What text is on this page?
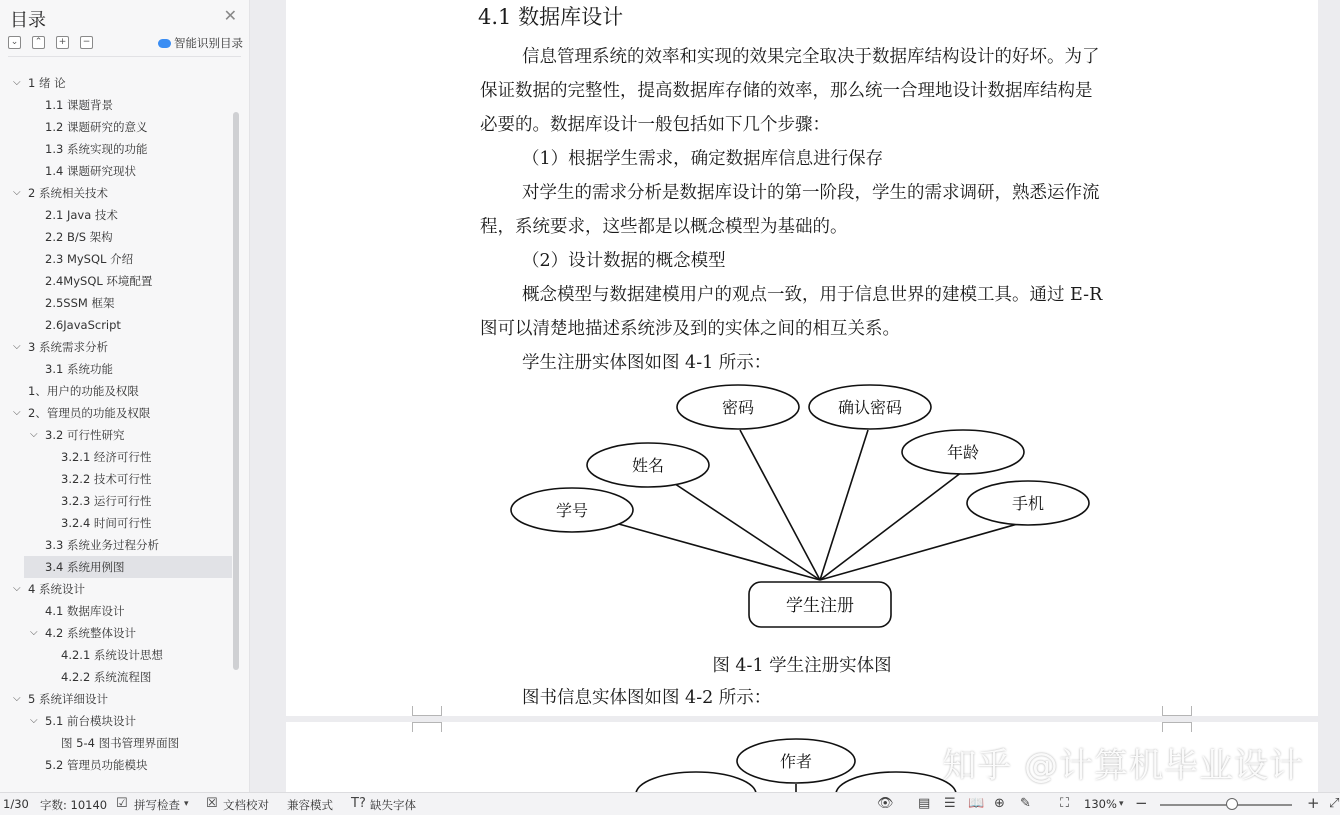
目录	✕
⌄	⌃	+	−	智能识别目录
⌵ 1 绪 论
1.1 课题背景
1.2 课题研究的意义
1.3 系统实现的功能
1.4 课题研究现状
⌵ 2 系统相关技术
2.1 Java 技术
2.2 B/S 架构
2.3 MySQL 介绍
2.4MySQL 环境配置
2.5SSM 框架
2.6JavaScript
⌵ 3 系统需求分析
3.1 系统功能
1、用户的功能及权限
⌵ 2、管理员的功能及权限
⌵ 3.2 可行性研究
3.2.1 经济可行性
3.2.2 技术可行性
3.2.3 运行可行性
3.2.4 时间可行性
3.3 系统业务过程分析
3.4 系统用例图
⌵ 4 系统设计
4.1 数据库设计
⌵ 4.2 系统整体设计
4.2.1 系统设计思想
4.2.2 系统流程图
⌵ 5 系统详细设计
⌵ 5.1 前台模块设计
图 5-4 图书管理界面图
5.2 管理员功能模块
4.1 数据库设计
信息管理系统的效率和实现的效果完全取决于数据库结构设计的好坏。为了
保证数据的完整性，提高数据库存储的效率，那么统一合理地设计数据库结构是
必要的。数据库设计一般包括如下几个步骤：
（1）根据学生需求，确定数据库信息进行保存
对学生的需求分析是数据库设计的第一阶段，学生的需求调研，熟悉运作流
程，系统要求，这些都是以概念模型为基础的。
（2）设计数据的概念模型
概念模型与数据建模用户的观点一致，用于信息世界的建模工具。通过 E-R
图可以清楚地描述系统涉及到的实体之间的相互关系。
学生注册实体图如图 4-1 所示：
密码	确认密码
姓名
年龄
学号	手机
学生注册
图 4-1 学生注册实体图
图书信息实体图如图 4-2 所示：
作者	知乎 @计算机毕业设计
1/30 字数: 10140 ☑ 拼写检查 ▾ ☒ 文档校对 兼容模式 T? 缺失字体	👁 ▤ ☰ 📖 ⊕ ✎ ⛶ 130% ▾ −	+ ⤢
